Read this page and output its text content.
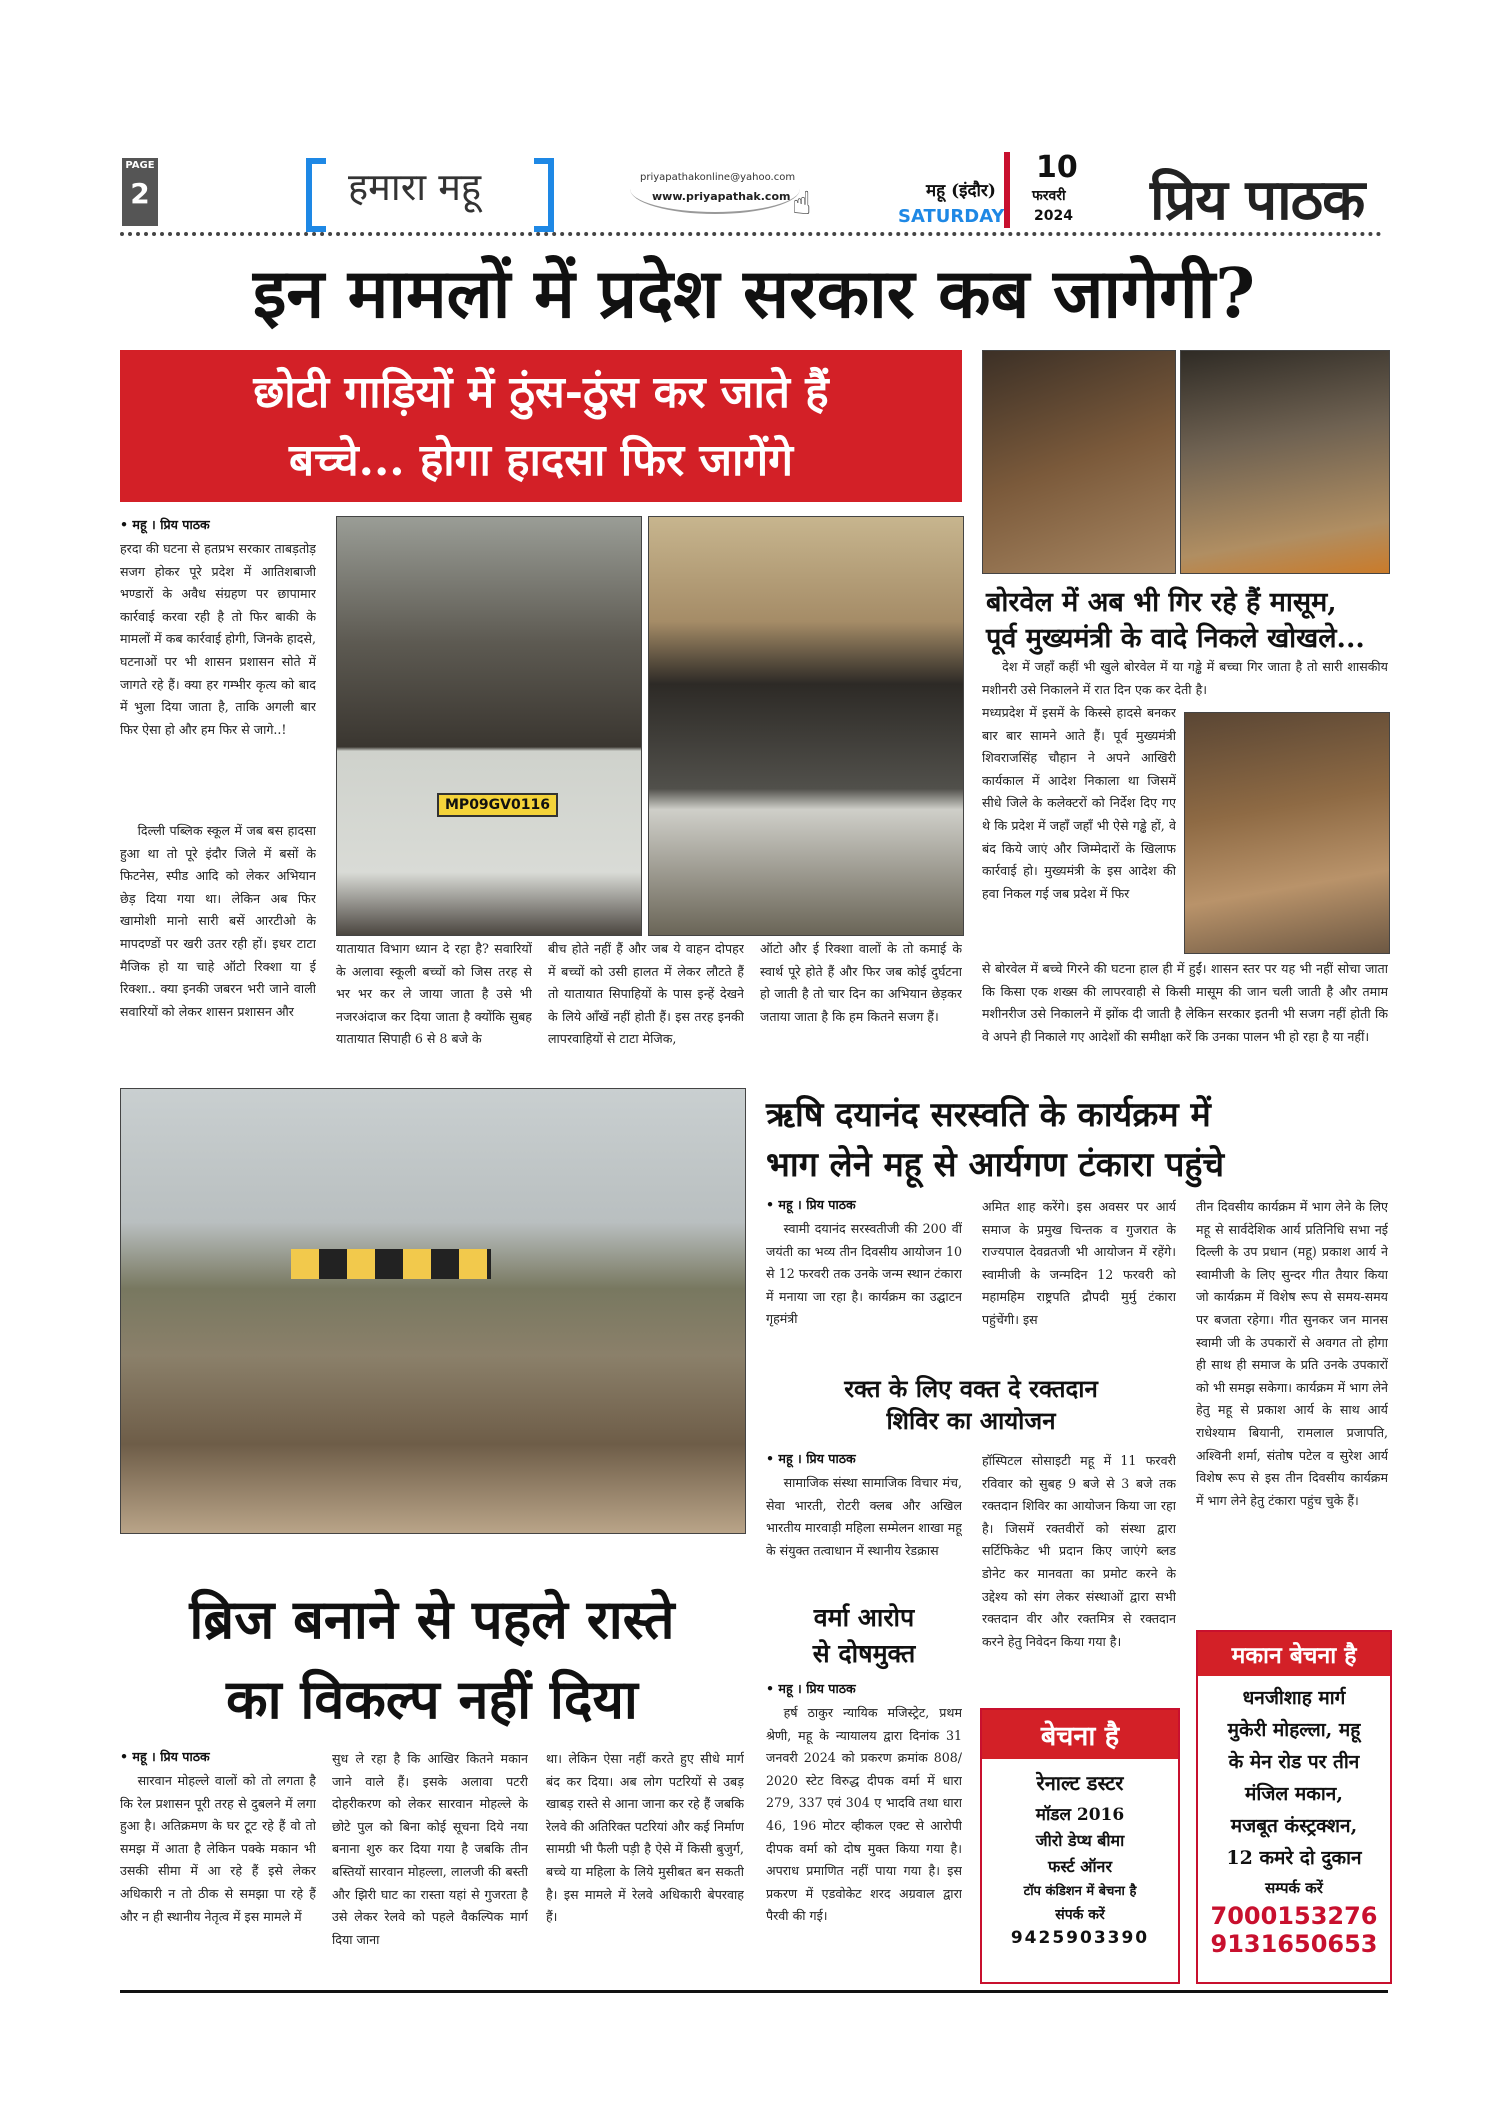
PAGE
2	हमारा महू	priyapathakonline@yahoo.com
www.priyapathak.com ☝	महू (इंदौर)
SATURDAY
10
फरवरी
2024 प्रिय पाठक
इन मामलों में प्रदेश सरकार कब जागेगी?
छोटी गाड़ियों में ठुंस-ठुंस कर जाते हैं
बच्चे... होगा हादसा फिर जागेंगे
• महू । प्रिय पाठक
हरदा की घटना से हतप्रभ सरकार ताबड़तोड़ सजग होकर पूरे प्रदेश में आतिशबाजी भण्डारों के अवैध संग्रहण पर छापामार कार्रवाई करवा रही है तो फिर बाकी के मामलों में कब कार्रवाई होगी, जिनके हादसे, घटनाओं पर भी शासन प्रशासन सोते में जागते रहे हैं। क्या हर गम्भीर कृत्य को बाद में भुला दिया जाता है, ताकि अगली बार फिर ऐसा हो और हम फिर से जागे..!
दिल्ली पब्लिक स्कूल में जब बस हादसा हुआ था तो पूरे इंदौर जिले में बसों के फिटनेस, स्पीड आदि को लेकर अभियान छेड़ दिया गया था। लेकिन अब फिर खामोशी मानो सारी बसें आरटीओ के मापदण्डों पर खरी उतर रही हों। इधर टाटा मैजिक हो या चाहे ऑटो रिक्शा या ई रिक्शा.. क्या इनकी जबरन भरी जाने वाली सवारियों को लेकर शासन प्रशासन और
MP09GV0116
यातायात विभाग ध्यान दे रहा है? सवारियों के अलावा स्कूली बच्चों को जिस तरह से भर भर कर ले जाया जाता है उसे भी नजरअंदाज कर दिया जाता है क्योंकि सुबह यातायात सिपाही 6 से 8 बजे के
बीच होते नहीं हैं और जब ये वाहन दोपहर में बच्चों को उसी हालत में लेकर लौटते हैं तो यातायात सिपाहियों के पास इन्हें देखने के लिये आँखें नहीं होती हैं। इस तरह इनकी लापरवाहियों से टाटा मेजिक,
ऑटो और ई रिक्शा वालों के तो कमाई के स्वार्थ पूरे होते हैं और फिर जब कोई दुर्घटना हो जाती है तो चार दिन का अभियान छेड़कर जताया जाता है कि हम कितने सजग हैं।
बोरवेल में अब भी गिर रहे हैं मासूम,
पूर्व मुख्यमंत्री के वादे निकले खोखले...
देश में जहाँ कहीं भी खुले बोरवेल में या गड्ढे में बच्चा गिर जाता है तो सारी शासकीय मशीनरी उसे निकालने में रात दिन एक कर देती है।
मध्यप्रदेश में इसमें के किस्से हादसे बनकर बार बार सामने आते हैं। पूर्व मुख्यमंत्री शिवराजसिंह चौहान ने अपने आखिरी कार्यकाल में आदेश निकाला था जिसमें सीधे जिले के कलेक्टरों को निर्देश दिए गए थे कि प्रदेश में जहाँ जहाँ भी ऐसे गड्ढे हों, वे बंद किये जाएं और जिम्मेदारों के खिलाफ कार्रवाई हो। मुख्यमंत्री के इस आदेश की हवा निकल गई जब प्रदेश में फिर
से बोरवेल में बच्चे गिरने की घटना हाल ही में हुईं। शासन स्तर पर यह भी नहीं सोचा जाता कि किसा एक शख्स की लापरवाही से किसी मासूम की जान चली जाती है और तमाम मशीनरीज उसे निकालने में झोंक दी जाती है लेकिन सरकार इतनी भी सजग नहीं होती कि वे अपने ही निकाले गए आदेशों की समीक्षा करें कि उनका पालन भी हो रहा है या नहीं।
ऋषि दयानंद सरस्वति के कार्यक्रम में
भाग लेने महू से आर्यगण टंकारा पहुंचे
• महू । प्रिय पाठक
स्वामी दयानंद सरस्वतीजी की 200 वीं जयंती का भव्य तीन दिवसीय आयोजन 10 से 12 फरवरी तक उनके जन्म स्थान टंकारा में मनाया जा रहा है। कार्यक्रम का उद्घाटन गृहमंत्री
अमित शाह करेंगे। इस अवसर पर आर्य समाज के प्रमुख चिन्तक व गुजरात के राज्यपाल देवव्रतजी भी आयोजन में रहेंगे। स्वामीजी के जन्मदिन 12 फरवरी को महामहिम राष्ट्रपति द्रौपदी मुर्मु टंकारा पहुंचेंगी। इस
तीन दिवसीय कार्यक्रम में भाग लेने के लिए महू से सार्वदेशिक आर्य प्रतिनिधि सभा नई दिल्ली के उप प्रधान (महू) प्रकाश आर्य ने स्वामीजी के लिए सुन्दर गीत तैयार किया जो कार्यक्रम में विशेष रूप से समय-समय पर बजता रहेगा। गीत सुनकर जन मानस स्वामी जी के उपकारों से अवगत तो होगा ही साथ ही समाज के प्रति उनके उपकारों को भी समझ सकेगा। कार्यक्रम में भाग लेने हेतु महू से प्रकाश आर्य के साथ आर्य राधेश्याम बियानी, रामलाल प्रजापति, अश्विनी शर्मा, संतोष पटेल व सुरेश आर्य विशेष रूप से इस तीन दिवसीय कार्यक्रम में भाग लेने हेतु टंकारा पहुंच चुके हैं।
रक्त के लिए वक्त दे रक्तदान
शिविर का आयोजन
• महू । प्रिय पाठक
सामाजिक संस्था सामाजिक विचार मंच, सेवा भारती, रोटरी क्लब और अखिल भारतीय मारवाड़ी महिला सम्मेलन शाखा महू के संयुक्त तत्वाधान में स्थानीय रेडक्रास
हॉस्पिटल सोसाइटी महू में 11 फरवरी रविवार को सुबह 9 बजे से 3 बजे तक रक्तदान शिविर का आयोजन किया जा रहा है। जिसमें रक्तवीरों को संस्था द्वारा सर्टिफिकेट भी प्रदान किए जाएंगे ब्लड डोनेट कर मानवता का प्रमोट करने के उद्देश्य को संग लेकर संस्थाओं द्वारा सभी रक्तदान वीर और रक्तमित्र से रक्तदान करने हेतु निवेदन किया गया है।
वर्मा आरोप
से दोषमुक्त
• महू । प्रिय पाठक
हर्ष ठाकुर न्यायिक मजिस्ट्रेट, प्रथम श्रेणी, महू के न्यायालय द्वारा दिनांक 31 जनवरी 2024 को प्रकरण क्रमांक 808/ 2020 स्टेट विरुद्ध दीपक वर्मा में धारा 279, 337 एवं 304 ए भादवि तथा धारा 46, 196 मोटर व्हीकल एक्ट से आरोपी दीपक वर्मा को दोष मुक्त किया गया है। अपराध प्रमाणित नहीं पाया गया है। इस प्रकरण में एडवोकेट शरद अग्रवाल द्वारा पैरवी की गई।
बेचना है
रेनाल्ट डस्टर
मॉडल 2016
जीरो डेप्थ बीमा
फर्स्ट ऑनर
टॉप कंडिशन में बेचना है
संपर्क करें
9425903390
मकान बेचना है
धनजीशाह मार्ग
मुकेरी मोहल्ला, महू
के मेन रोड पर तीन
मंजिल मकान,
मजबूत कंस्ट्रक्शन,
12 कमरे दो दुकान
सम्पर्क करें
7000153276
9131650653
ब्रिज बनाने से पहले रास्ते
का विकल्प नहीं दिया
• महू । प्रिय पाठक
सारवान मोहल्ले वालों को तो लगता है कि रेल प्रशासन पूरी तरह से दुबलने में लगा हुआ है। अतिक्रमण के घर टूट रहे हैं वो तो समझ में आता है लेकिन पक्के मकान भी उसकी सीमा में आ रहे हैं इसे लेकर अधिकारी न तो ठीक से समझा पा रहे हैं और न ही स्थानीय नेतृत्व में इस मामले में
सुध ले रहा है कि आखिर कितने मकान जाने वाले हैं। इसके अलावा पटरी दोहरीकरण को लेकर सारवान मोहल्ले के छोटे पुल को बिना कोई सूचना दिये नया बनाना शुरु कर दिया गया है जबकि तीन बस्तियों सारवान मोहल्ला, लालजी की बस्ती और झिरी घाट का रास्ता यहां से गुजरता है उसे लेकर रेलवे को पहले वैकल्पिक मार्ग दिया जाना
था। लेकिन ऐसा नहीं करते हुए सीधे मार्ग बंद कर दिया। अब लोग पटरियों से उबड़ खाबड़ रास्ते से आना जाना कर रहे हैं जबकि रेलवे की अतिरिक्त पटरियां और कई निर्माण सामग्री भी फैली पड़ी है ऐसे में किसी बुजुर्ग, बच्चे या महिला के लिये मुसीबत बन सकती है। इस मामले में रेलवे अधिकारी बेपरवाह हैं।
